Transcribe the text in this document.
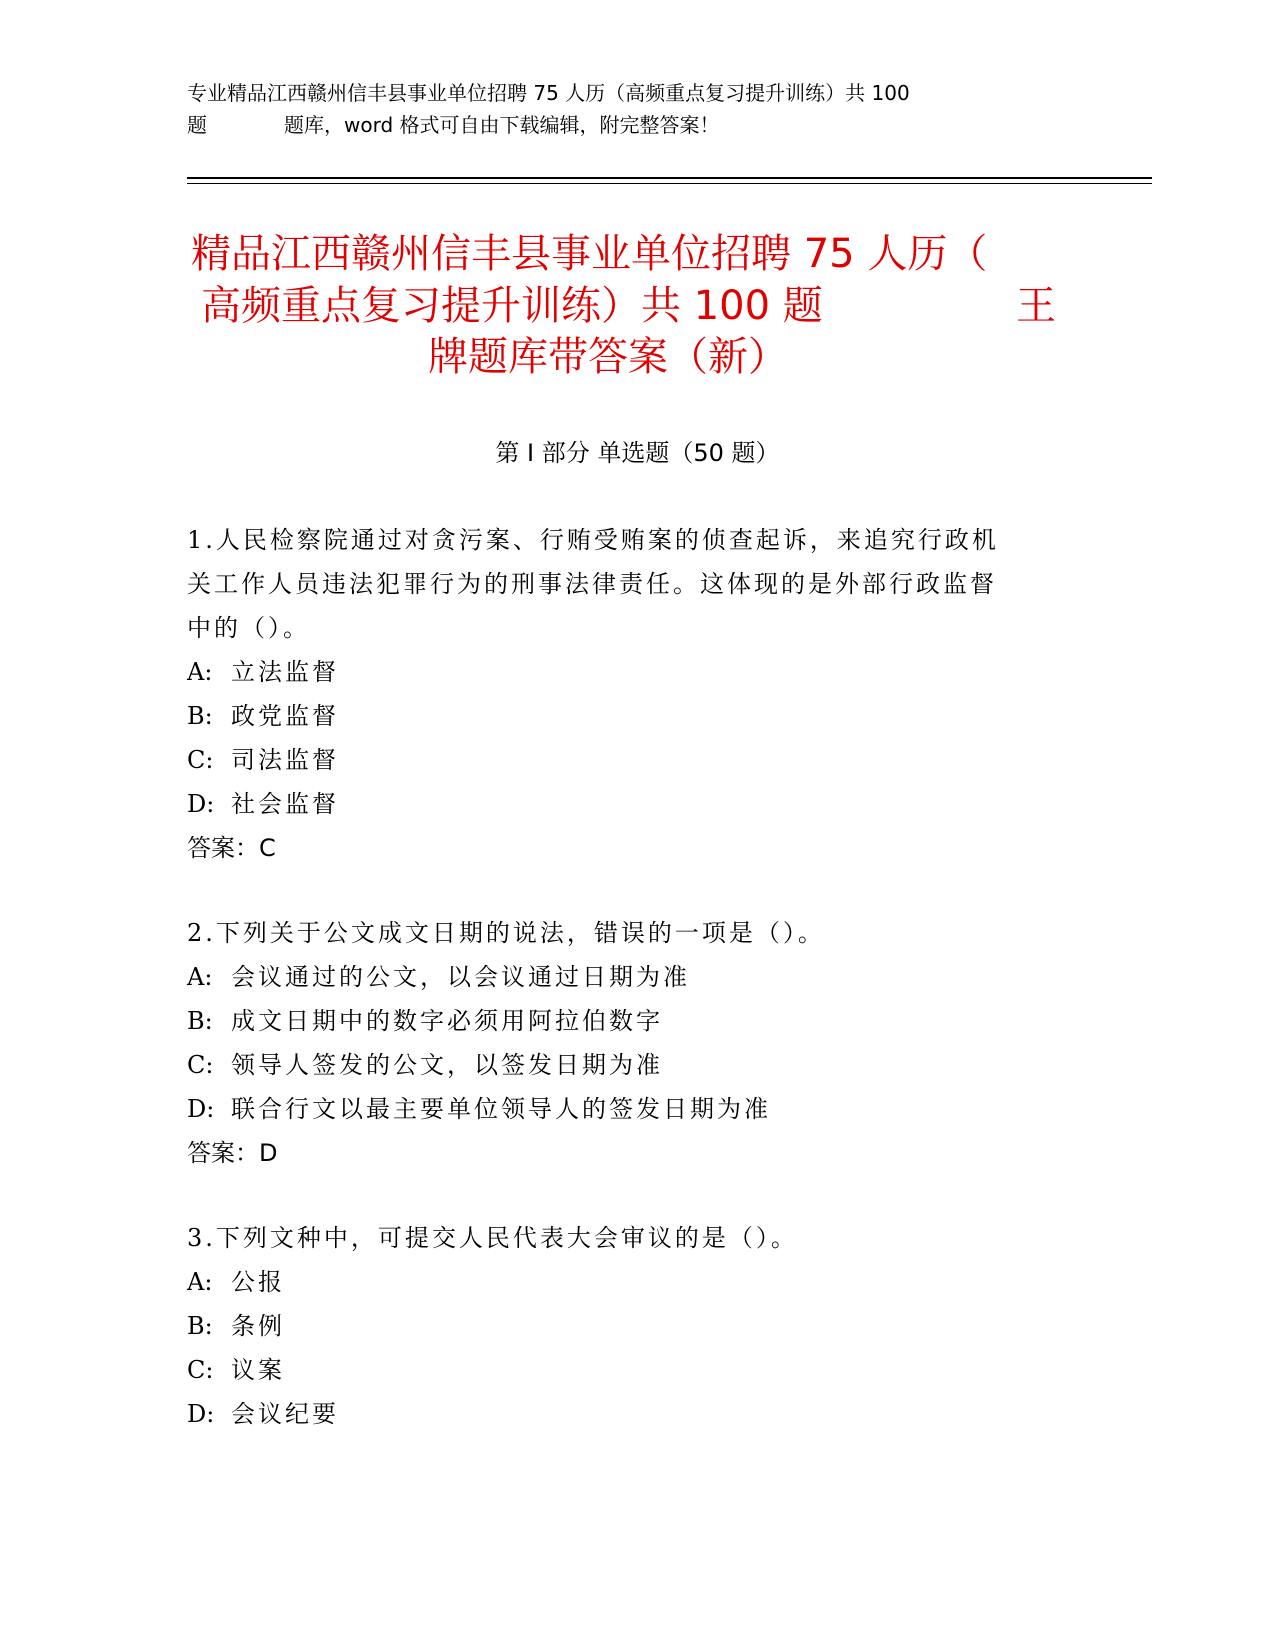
专业精品江西赣州信丰县事业单位招聘 75 人历（高频重点复习提升训练）共 100
题	题库，word 格式可自由下载编辑，附完整答案！
精品江西赣州信丰县事业单位招聘 75 人历（
高频重点复习提升训练）共 100 题	王
牌题库带答案（新）
第 I 部分 单选题（50 题）
1.人民检察院通过对贪污案、行贿受贿案的侦查起诉，来追究行政机
关工作人员违法犯罪行为的刑事法律责任。这体现的是外部行政监督
中的（）。
A: 立法监督
B: 政党监督
C: 司法监督
D: 社会监督
答案：C
2.下列关于公文成文日期的说法，错误的一项是（）。
A: 会议通过的公文，以会议通过日期为准
B: 成文日期中的数字必须用阿拉伯数字
C: 领导人签发的公文，以签发日期为准
D: 联合行文以最主要单位领导人的签发日期为准
答案：D
3.下列文种中，可提交人民代表大会审议的是（）。
A: 公报
B: 条例
C: 议案
D: 会议纪要
